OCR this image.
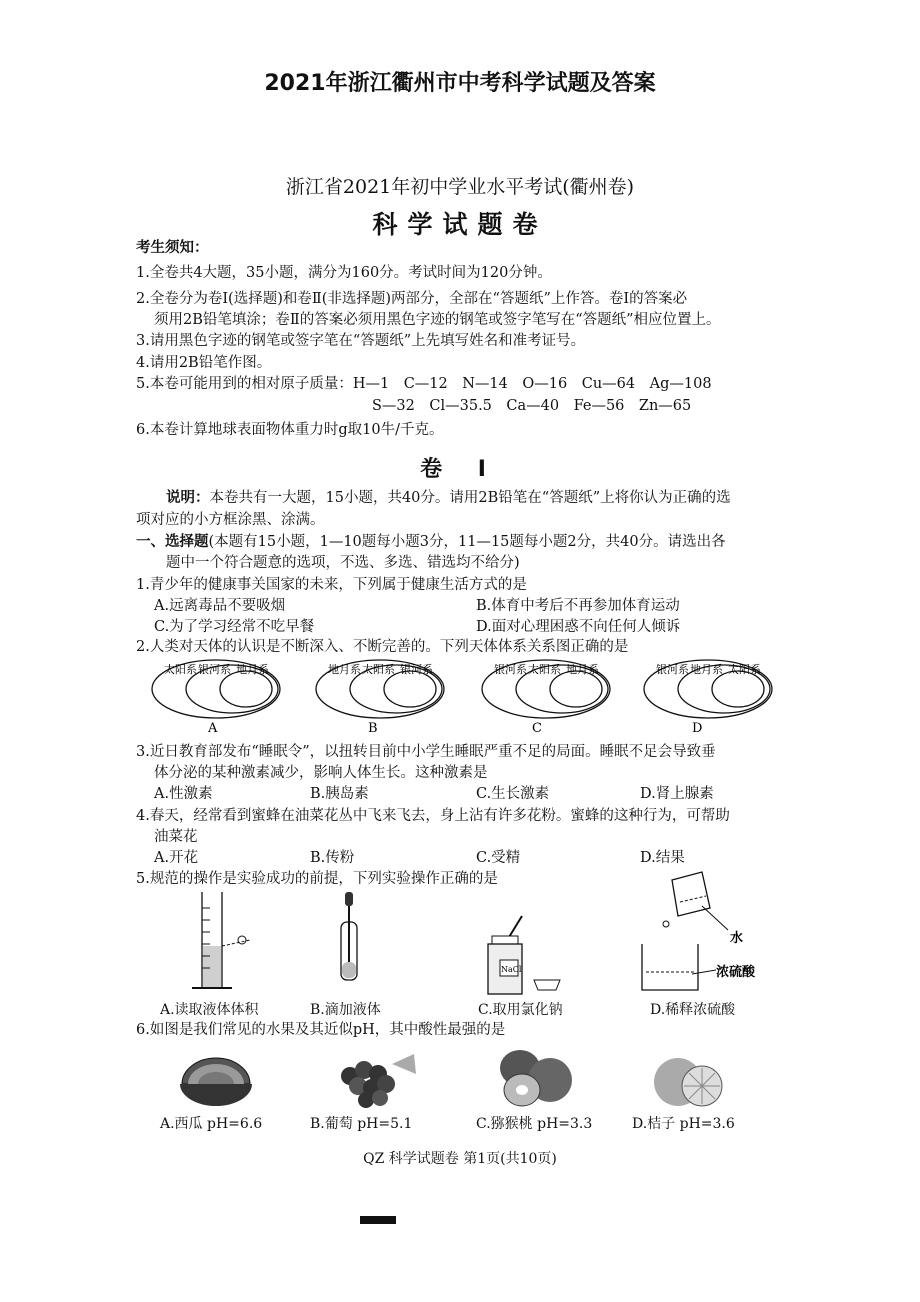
2021年浙江衢州市中考科学试题及答案
浙江省2021年初中学业水平考试(衢州卷)
科学试题卷
考生须知：
1.全卷共4大题，35小题，满分为160分。考试时间为120分钟。
2.全卷分为卷Ⅰ(选择题)和卷Ⅱ(非选择题)两部分，全部在“答题纸”上作答。卷Ⅰ的答案必
须用2B铅笔填涂；卷Ⅱ的答案必须用黑色字迹的钢笔或签字笔写在“答题纸”相应位置上。
3.请用黑色字迹的钢笔或签字笔在“答题纸”上先填写姓名和准考证号。
4.请用2B铅笔作图。
5.本卷可能用到的相对原子质量：H—1　C—12　N—14　O—16　Cu—64　Ag—108
S—32　Cl—35.5　Ca—40　Fe—56　Zn—65
6.本卷计算地球表面物体重力时g取10牛/千克。
卷 Ⅰ
说明：本卷共有一大题，15小题，共40分。请用2B铅笔在“答题纸”上将你认为正确的选
项对应的小方框涂黑、涂满。
一、选择题(本题有15小题，1—10题每小题3分，11—15题每小题2分，共40分。请选出各
题中一个符合题意的选项，不选、多选、错选均不给分)
1.青少年的健康事关国家的未来，下列属于健康生活方式的是
A.远离毒品不要吸烟	B.体育中考后不再参加体育运动
C.为了学习经常不吃早餐	D.面对心理困惑不向任何人倾诉
2.人类对天体的认识是不断深入、不断完善的。下列天体体系关系图正确的是
太阳系 银河系 地月系
A
地月系 太阳系 银河系
B
银河系 太阳系 地月系
C
银河系 地月系 太阳系
D
3.近日教育部发布“睡眠令”，以扭转目前中小学生睡眠严重不足的局面。睡眠不足会导致垂
体分泌的某种激素减少，影响人体生长。这种激素是
A.性激素	B.胰岛素	C.生长激素	D.肾上腺素
4.春天，经常看到蜜蜂在油菜花丛中飞来飞去，身上沾有许多花粉。蜜蜂的这种行为，可帮助
油菜花
A.开花	B.传粉	C.受精	D.结果
5.规范的操作是实验成功的前提，下列实验操作正确的是
A.读取液体体积	B.滴加液体
NaCl
C.取用氯化钠
水
浓硫酸
D.稀释浓硫酸
6.如图是我们常见的水果及其近似pH，其中酸性最强的是
A.西瓜 pH=6.6	B.葡萄 pH=5.1	C.猕猴桃 pH=3.3	D.桔子 pH=3.6
QZ 科学试题卷 第1页(共10页)
